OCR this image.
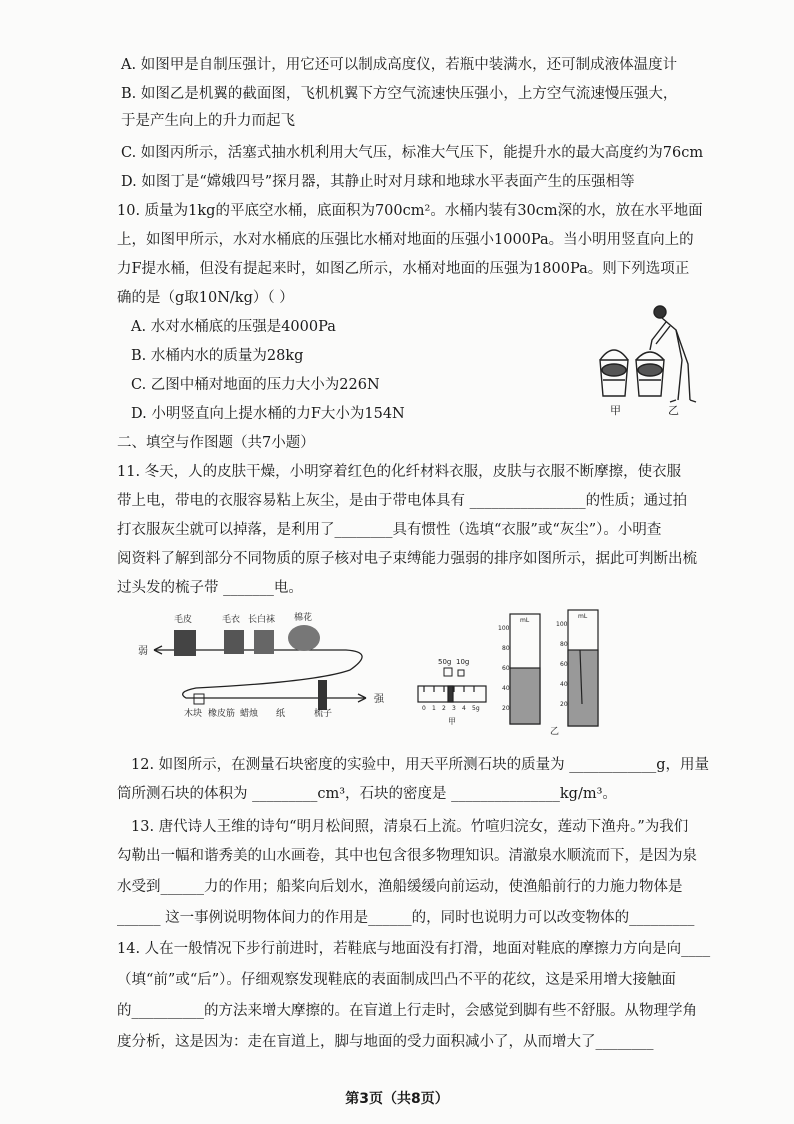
A. 如图甲是自制压强计，用它还可以制成高度仪，若瓶中装满水，还可制成液体温度计
B. 如图乙是机翼的截面图，飞机机翼下方空气流速快压强小，上方空气流速慢压强大，
于是产生向上的升力而起飞
C. 如图丙所示，活塞式抽水机利用大气压，标准大气压下，能提升水的最大高度约为76cm
D. 如图丁是“嫦娥四号”探月器，其静止时对月球和地球水平表面产生的压强相等
10. 质量为1kg的平底空水桶，底面积为700cm²。水桶内装有30cm深的水，放在水平地面
上，如图甲所示，水对水桶底的压强比水桶对地面的压强小1000Pa。当小明用竖直向上的
力F提水桶，但没有提起来时，如图乙所示，水桶对地面的压强为1800Pa。则下列选项正
确的是（g取10N/kg）（ ）
A. 水对水桶底的压强是4000Pa
B. 水桶内水的质量为28kg
C. 乙图中桶对地面的压力大小为226N
D. 小明竖直向上提水桶的力F大小为154N
二、填空与作图题（共7小题）
11. 冬天，人的皮肤干燥，小明穿着红色的化纤材料衣服，皮肤与衣服不断摩擦，使衣服
带上电，带电的衣服容易粘上灰尘，是由于带电体具有 ________________的性质；通过拍
打衣服灰尘就可以掉落，是利用了________具有惯性（选填“衣服”或“灰尘”）。小明查
阅资料了解到部分不同物质的原子核对电子束缚能力强弱的排序如图所示，据此可判断出梳
过头发的梳子带 _______电。
12. 如图所示，在测量石块密度的实验中，用天平所测石块的质量为 ____________g，用量
筒所测石块的体积为 _________cm³，石块的密度是 _______________kg/m³。
13. 唐代诗人王维的诗句“明月松间照，清泉石上流。竹喧归浣女，莲动下渔舟。”为我们
勾勒出一幅和谐秀美的山水画卷，其中也包含很多物理知识。清澈泉水顺流而下，是因为泉
水受到______力的作用；船桨向后划水，渔船缓缓向前运动，使渔船前行的力施力物体是
______ 这一事例说明物体间力的作用是______的，同时也说明力可以改变物体的_________
14. 人在一般情况下步行前进时，若鞋底与地面没有打滑，地面对鞋底的摩擦力方向是向____
（填“前”或“后”）。仔细观察发现鞋底的表面制成凹凸不平的花纹，这是采用增大接触面
的__________的方法来增大摩擦的。在盲道上行走时，会感觉到脚有些不舒服。从物理学角
度分析，这是因为：走在盲道上，脚与地面的受力面积减小了，从而增大了________
甲	乙
弱
强
毛皮	毛衣 长白袜 棉花
木块 橡皮筋 蜡烛 纸	梳子
50g 10g
0 1 2 3 4 5g
mL
mL
100
80
60
40
20
100
80
60
40
20
甲
乙
第3页（共8页）
